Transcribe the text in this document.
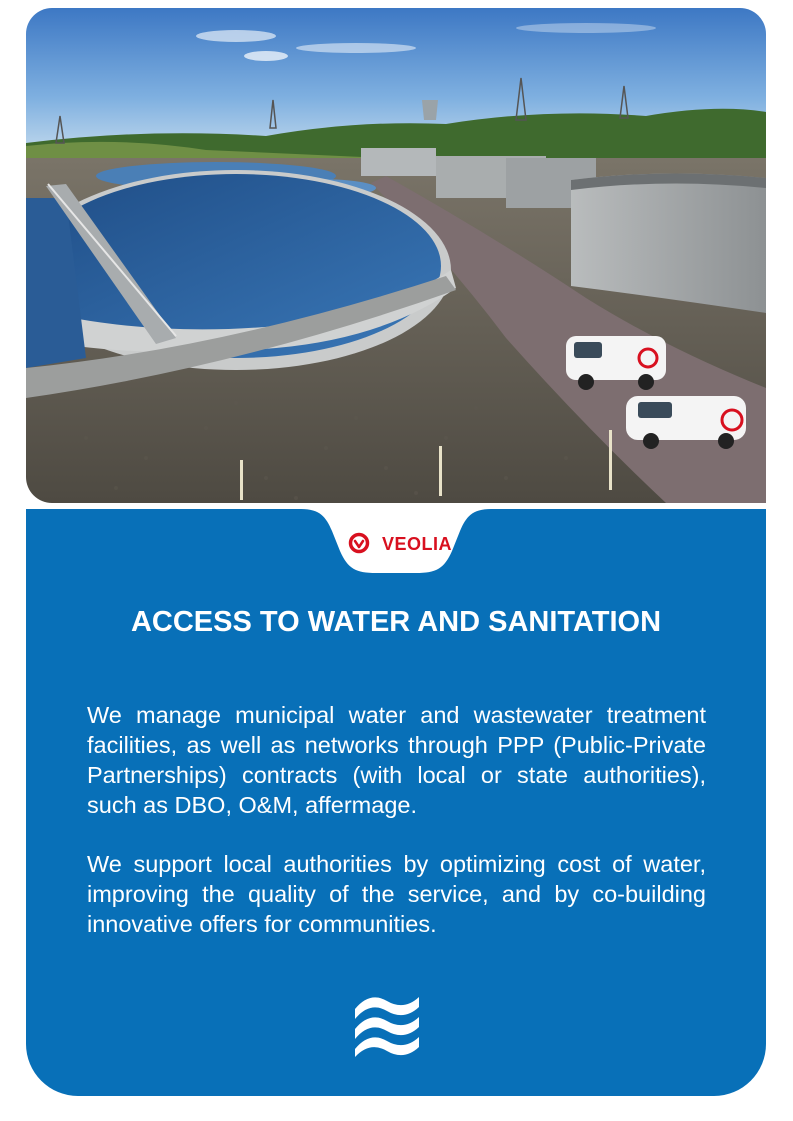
VEOLIA
ACCESS TO WATER AND SANITATION

We manage municipal water and wastewater treatment facilities, as well as networks through PPP (Public-Private Partnerships) contracts (with local or state authorities), such as DBO, O&M, affermage.

We support local authorities by optimizing cost of water, improving the quality of the service, and by co-building innovative offers for communities.
